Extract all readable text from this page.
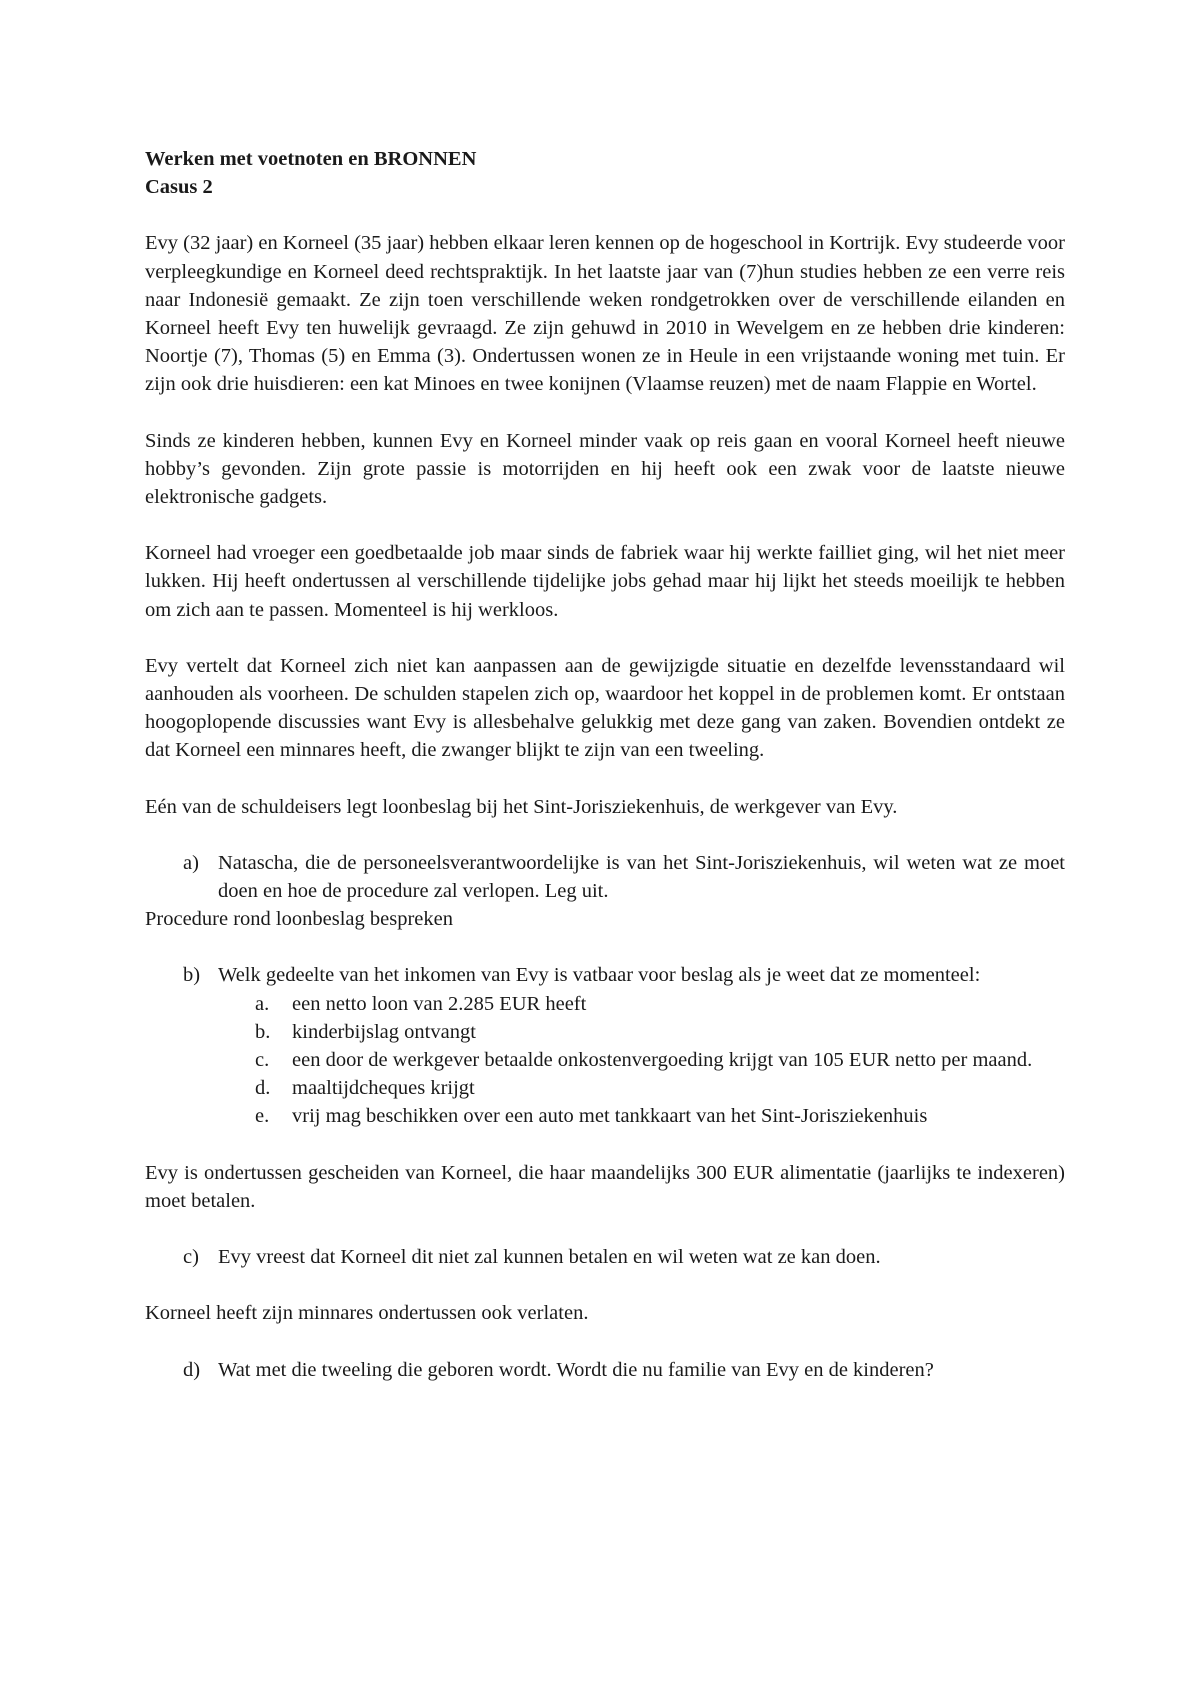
Werken met voetnoten en BRONNEN
Casus 2

Evy (32 jaar) en Korneel (35 jaar) hebben elkaar leren kennen op de hogeschool in Kortrijk. Evy studeerde voor verpleegkundige en Korneel deed rechtspraktijk. In het laatste jaar van (7)hun studies hebben ze een verre reis naar Indonesië gemaakt. Ze zijn toen verschillende weken rondgetrokken over de verschillende eilanden en Korneel heeft Evy ten huwelijk gevraagd. Ze zijn gehuwd in 2010 in Wevelgem en ze hebben drie kinderen: Noortje (7), Thomas (5) en Emma (3). Ondertussen wonen ze in Heule in een vrijstaande woning met tuin. Er zijn ook drie huisdieren: een kat Minoes en twee konijnen (Vlaamse reuzen) met de naam Flappie en Wortel.

Sinds ze kinderen hebben, kunnen Evy en Korneel minder vaak op reis gaan en vooral Korneel heeft nieuwe hobby’s gevonden. Zijn grote passie is motorrijden en hij heeft ook een zwak voor de laatste nieuwe elektronische gadgets.

Korneel had vroeger een goedbetaalde job maar sinds de fabriek waar hij werkte failliet ging, wil het niet meer lukken. Hij heeft ondertussen al verschillende tijdelijke jobs gehad maar hij lijkt het steeds moeilijk te hebben om zich aan te passen. Momenteel is hij werkloos.

Evy vertelt dat Korneel zich niet kan aanpassen aan de gewijzigde situatie en dezelfde levensstandaard wil aanhouden als voorheen. De schulden stapelen zich op, waardoor het koppel in de problemen komt. Er ontstaan hoogoplopende discussies want Evy is allesbehalve gelukkig met deze gang van zaken. Bovendien ontdekt ze dat Korneel een minnares heeft, die zwanger blijkt te zijn van een tweeling.

Eén van de schuldeisers legt loonbeslag bij het Sint-Jorisziekenhuis, de werkgever van Evy.

a) Natascha, die de personeelsverantwoordelijke is van het Sint-Jorisziekenhuis, wil weten wat ze moet doen en hoe de procedure zal verlopen. Leg uit.
Procedure rond loonbeslag bespreken
b) Welk gedeelte van het inkomen van Evy is vatbaar voor beslag als je weet dat ze momenteel:
a. een netto loon van 2.285 EUR heeft
b. kinderbijslag ontvangt
c. een door de werkgever betaalde onkostenvergoeding krijgt van 105 EUR netto per maand.
d. maaltijdcheques krijgt
e. vrij mag beschikken over een auto met tankkaart van het Sint-Jorisziekenhuis

Evy is ondertussen gescheiden van Korneel, die haar maandelijks 300 EUR alimentatie (jaarlijks te indexeren) moet betalen.

c) Evy vreest dat Korneel dit niet zal kunnen betalen en wil weten wat ze kan doen.

Korneel heeft zijn minnares ondertussen ook verlaten.

d) Wat met die tweeling die geboren wordt. Wordt die nu familie van Evy en de kinderen?
